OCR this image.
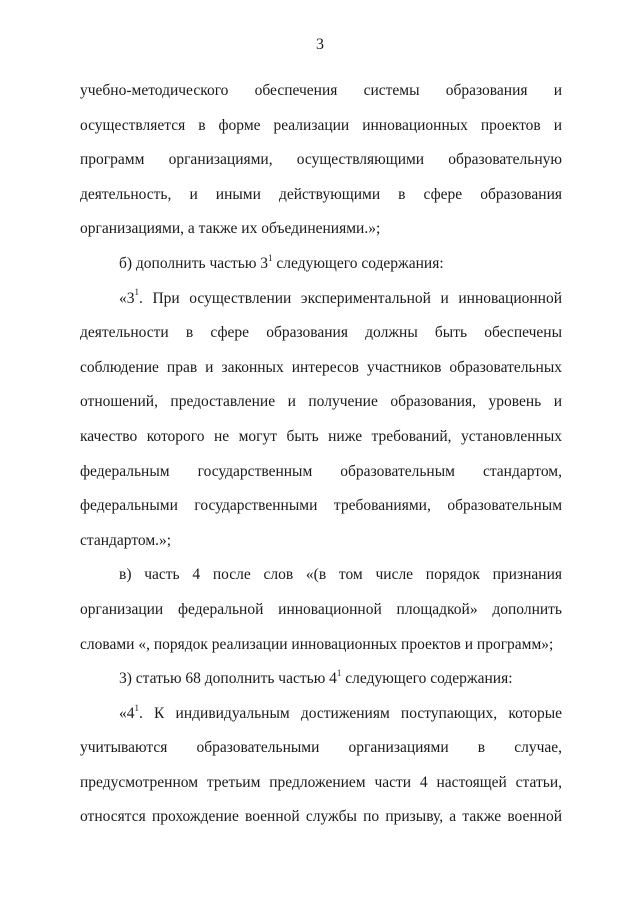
3

учебно-методического обеспечения системы образования и осуществляется в форме реализации инновационных проектов и программ организациями, осуществляющими образовательную деятельность, и иными действующими в сфере образования организациями, а также их объединениями.»;

б) дополнить частью $3^1$ следующего содержания:

«$3^1$. При осуществлении экспериментальной и инновационной деятельности в сфере образования должны быть обеспечены соблюдение прав и законных интересов участников образовательных отношений, предоставление и получение образования, уровень и качество которого не могут быть ниже требований, установленных федеральным государственным образовательным стандартом, федеральными государственными требованиями, образовательным стандартом.»;

в) часть 4 после слов «(в том числе порядок признания организации федеральной инновационной площадкой» дополнить словами «, порядок реализации инновационных проектов и программ»;

3) статью 68 дополнить частью $4^1$ следующего содержания:

«$4^1$. К индивидуальным достижениям поступающих, которые учитываются образовательными организациями в случае, предусмотренном третьим предложением части 4 настоящей статьи, относятся прохождение военной службы по призыву, а также военной
